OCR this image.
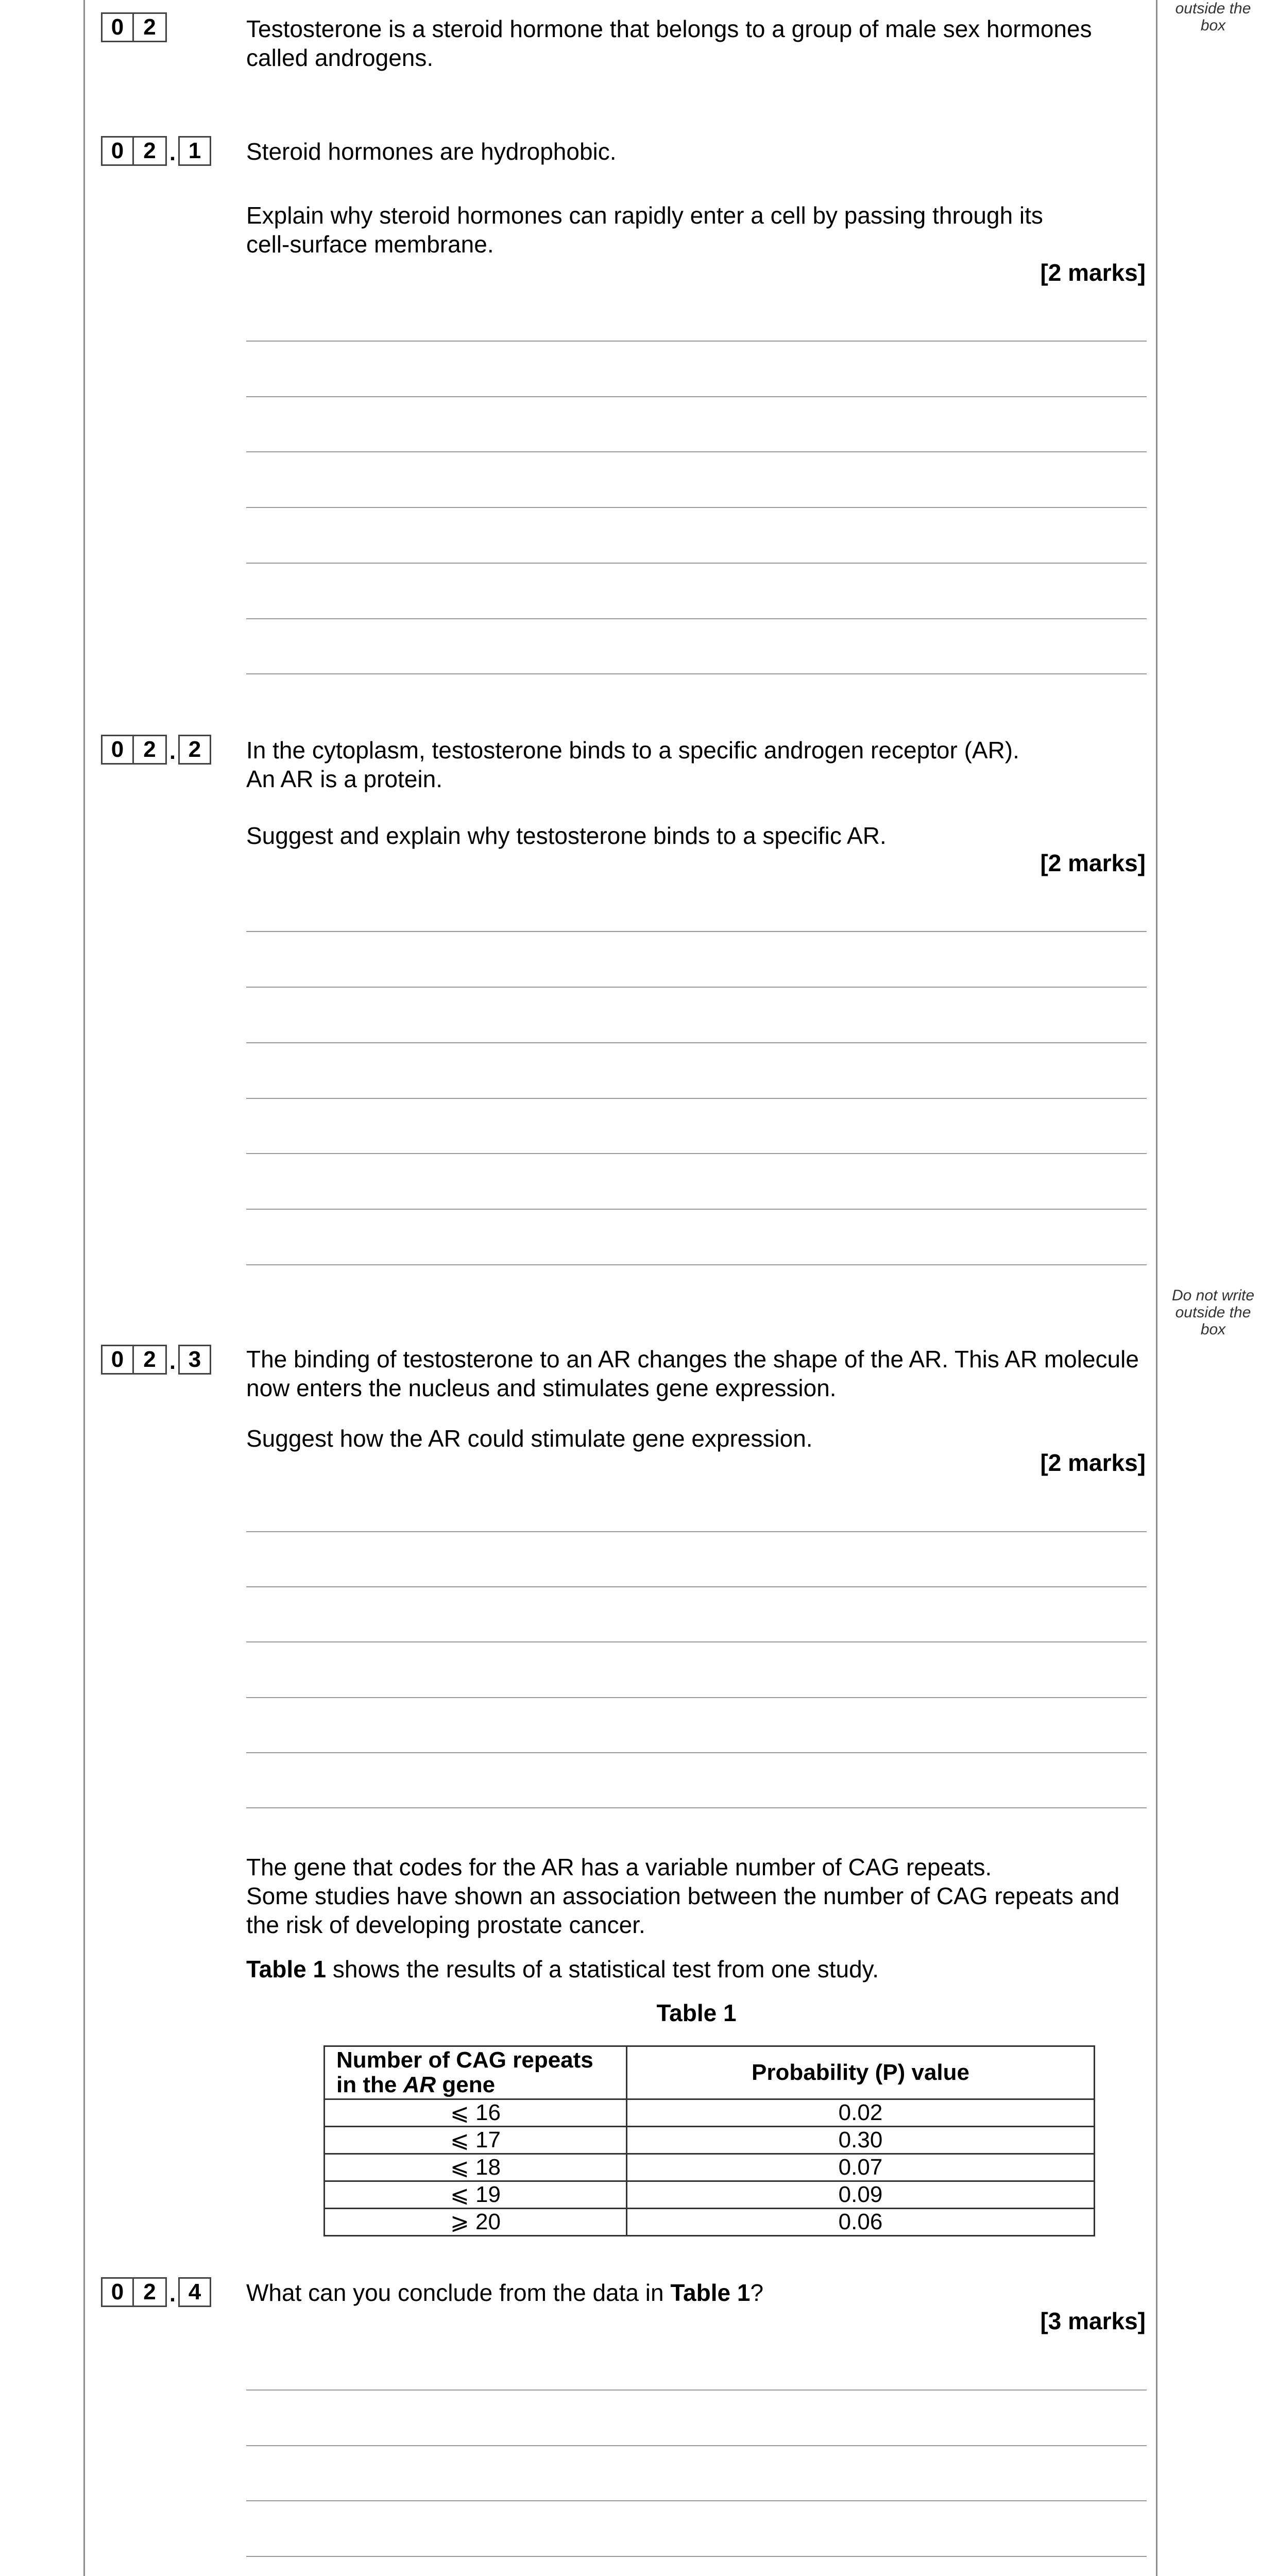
outside the
box
Do not write
outside the
box
0 2	Testosterone is a steroid hormone that belongs to a group of male sex hormones
called androgens.
0 2 . 1	Steroid hormones are hydrophobic.
Explain why steroid hormones can rapidly enter a cell by passing through its
cell-surface membrane.
[2 marks]
0 2 . 2	In the cytoplasm, testosterone binds to a specific androgen receptor (AR).
An AR is a protein.
Suggest and explain why testosterone binds to a specific AR.
[2 marks]
0 2 . 3	The binding of testosterone to an AR changes the shape of the AR. This AR molecule
now enters the nucleus and stimulates gene expression.
Suggest how the AR could stimulate gene expression.
[2 marks]
The gene that codes for the AR has a variable number of CAG repeats.
Some studies have shown an association between the number of CAG repeats and
the risk of developing prostate cancer.
Table 1 shows the results of a statistical test from one study.
Table 1
Number of CAG repeats
in the AR gene	Probability (P) value
⩽ 16	0.02
⩽ 17	0.30
⩽ 18	0.07
⩽ 19	0.09
⩾ 20	0.06
0 2 . 4	What can you conclude from the data in Table 1?
[3 marks]
